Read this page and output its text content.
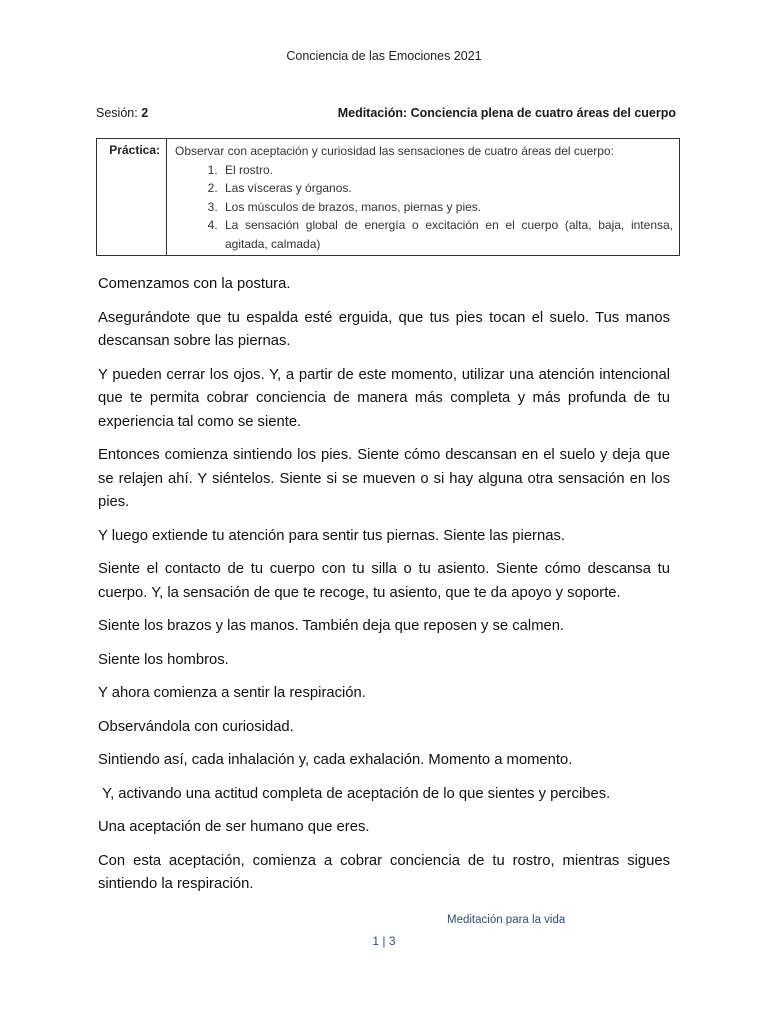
Conciencia de las Emociones 2021
Sesión: 2	Meditación: Conciencia plena de cuatro áreas del cuerpo
Práctica:	Observar con aceptación y curiosidad las sensaciones de cuatro áreas del cuerpo:
1. El rostro.
2. Las vísceras y órganos.
3. Los músculos de brazos, manos, piernas y pies.
4. La sensación global de energía o excitación en el cuerpo (alta, baja, intensa, agitada, calmada)

Comenzamos con la postura.

Asegurándote que tu espalda esté erguida, que tus pies tocan el suelo. Tus manos descansan sobre las piernas.

Y pueden cerrar los ojos. Y, a partir de este momento, utilizar una atención intencional que te permita cobrar conciencia de manera más completa y más profunda de tu experiencia tal como se siente.

Entonces comienza sintiendo los pies. Siente cómo descansan en el suelo y deja que se relajen ahí. Y siéntelos. Siente si se mueven o si hay alguna otra sensación en los pies.

Y luego extiende tu atención para sentir tus piernas. Siente las piernas.

Siente el contacto de tu cuerpo con tu silla o tu asiento. Siente cómo descansa tu cuerpo. Y, la sensación de que te recoge, tu asiento, que te da apoyo y soporte.

Siente los brazos y las manos. También deja que reposen y se calmen.

Siente los hombros.

Y ahora comienza a sentir la respiración.

Observándola con curiosidad.

Sintiendo así, cada inhalación y, cada exhalación. Momento a momento.

Y, activando una actitud completa de aceptación de lo que sientes y percibes.

Una aceptación de ser humano que eres.

Con esta aceptación, comienza a cobrar conciencia de tu rostro, mientras sigues sintiendo la respiración.

Meditación para la vida
1 | 3
